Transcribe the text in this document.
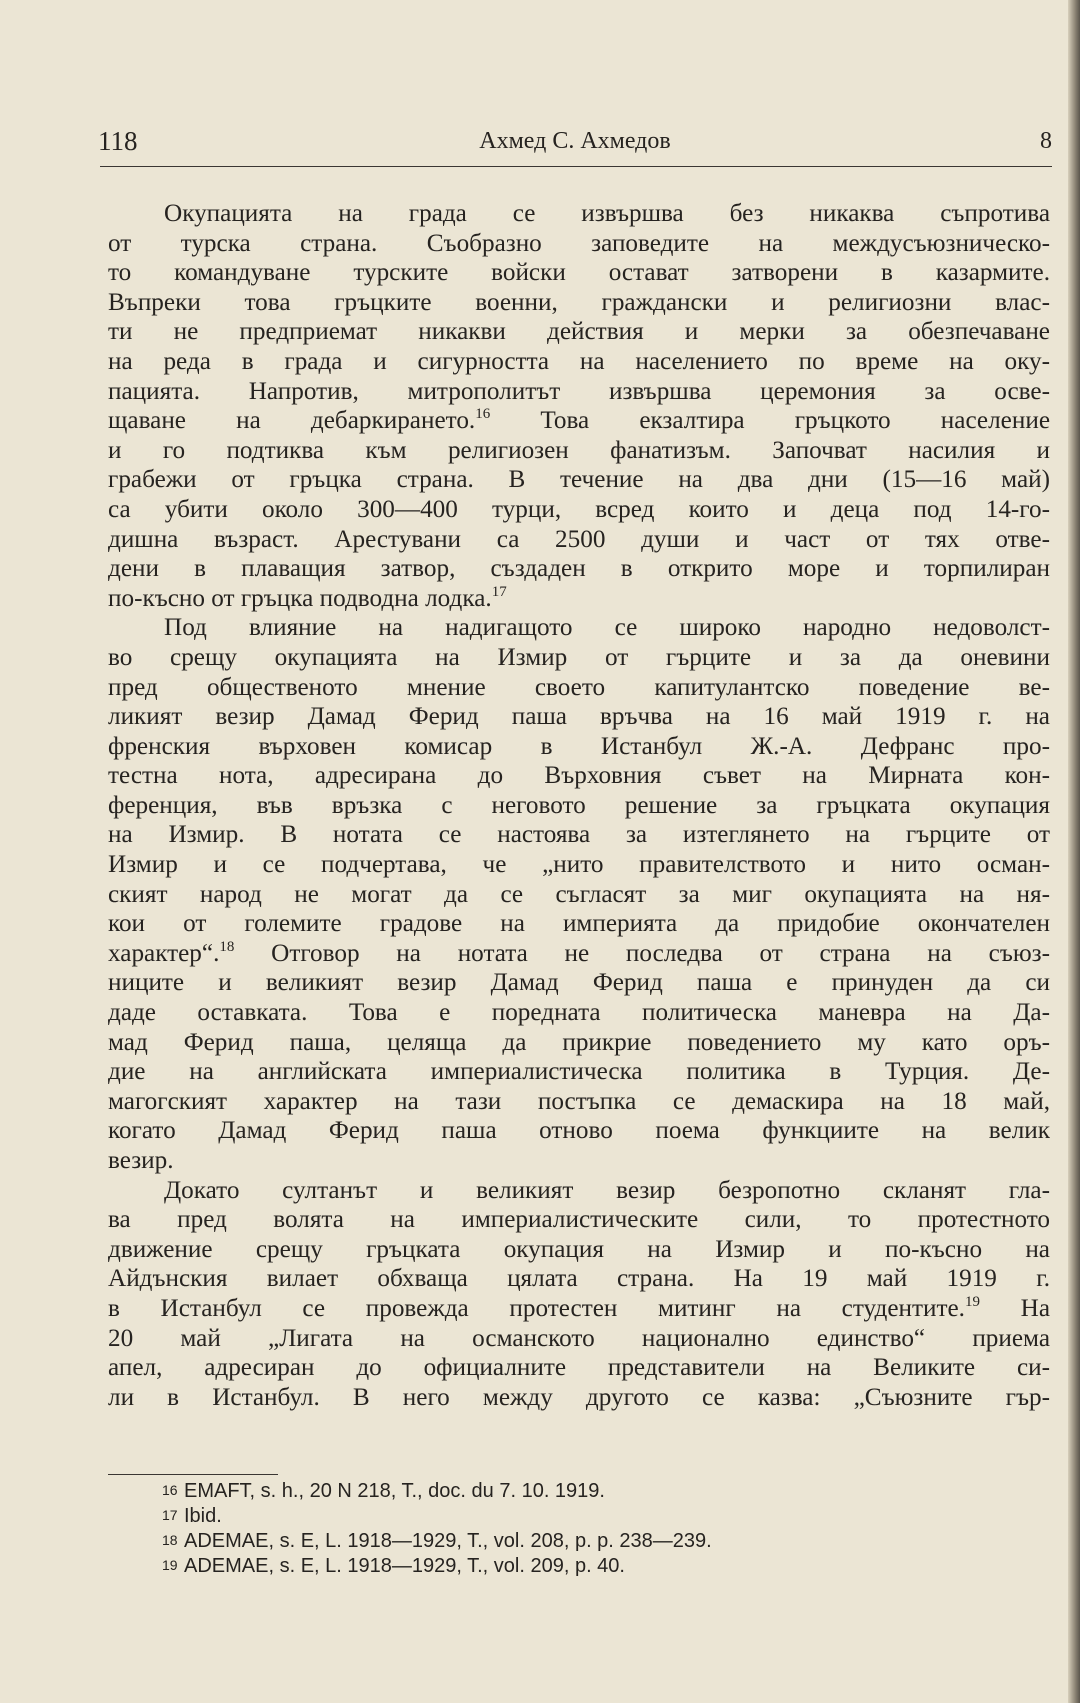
118	Ахмед С. Ахмедов	8
Окупацията на града се извършва без никаква съпротива
от турска страна. Съобразно заповедите на междусъюзническо-
то командуване турските войски остават затворени в казармите.
Въпреки това гръцките военни, граждански и религиозни влас-
ти не предприемат никакви действия и мерки за обезпечаване
на реда в града и сигурността на населението по време на оку-
пацията. Напротив, митрополитът извършва церемония за осве-
щаване на дебаркирането.$^{16}$ Това екзалтира гръцкото население
и го подтиква към религиозен фанатизъм. Започват насилия и
грабежи от гръцка страна. В течение на два дни (15—16 май)
са убити около 300—400 турци, всред които и деца под 14-го-
дишна възраст. Арестувани са 2500 души и част от тях отве-
дени в плаващия затвор, създаден в открито море и торпилиран
по-късно от гръцка подводна лодка.$^{17}$
Под влияние на надигащото се широко народно недоволст-
во срещу окупацията на Измир от гърците и за да оневини
пред общественото мнение своето капитулантско поведение ве-
ликият везир Дамад Ферид паша връчва на 16 май 1919 г. на
френския върховен комисар в Истанбул Ж.-А. Дефранс про-
тестна нота, адресирана до Върховния съвет на Мирната кон-
ференция, във връзка с неговото решение за гръцката окупация
на Измир. В нотата се настоява за изтеглянето на гърците от
Измир и се подчертава, че „нито правителството и нито осман-
ският народ не могат да се съгласят за миг окупацията на ня-
кои от големите градове на империята да придобие окончателен
характер“.$^{18}$ Отговор на нотата не последва от страна на съюз-
ниците и великият везир Дамад Ферид паша е принуден да си
даде оставката. Това е поредната политическа маневра на Да-
мад Ферид паша, целяща да прикрие поведението му като оръ-
дие на английската империалистическа политика в Турция. Де-
магогският характер на тази постъпка се демаскира на 18 май,
когато Дамад Ферид паша отново поема функциите на велик
везир.
Докато султанът и великият везир безропотно скланят гла-
ва пред волята на империалистическите сили, то протестното
движение срещу гръцката окупация на Измир и по-късно на
Айдънския вилает обхваща цялата страна. На 19 май 1919 г.
в Истанбул се провежда протестен митинг на студентите.$^{19}$ На
20 май „Лигата на османското национално единство“ приема
апел, адресиран до официалните представители на Великите си-
ли в Истанбул. В него между другото се казва: „Съюзните гър-
16 EMAFT, s. h., 20 N 218, T., doc. du 7. 10. 1919.
17 Ibid.
18 ADEMAE, s. E, L. 1918—1929, T., vol. 208, p. p. 238—239.
19 ADEMAE, s. E, L. 1918—1929, T., vol. 209, p. 40.
